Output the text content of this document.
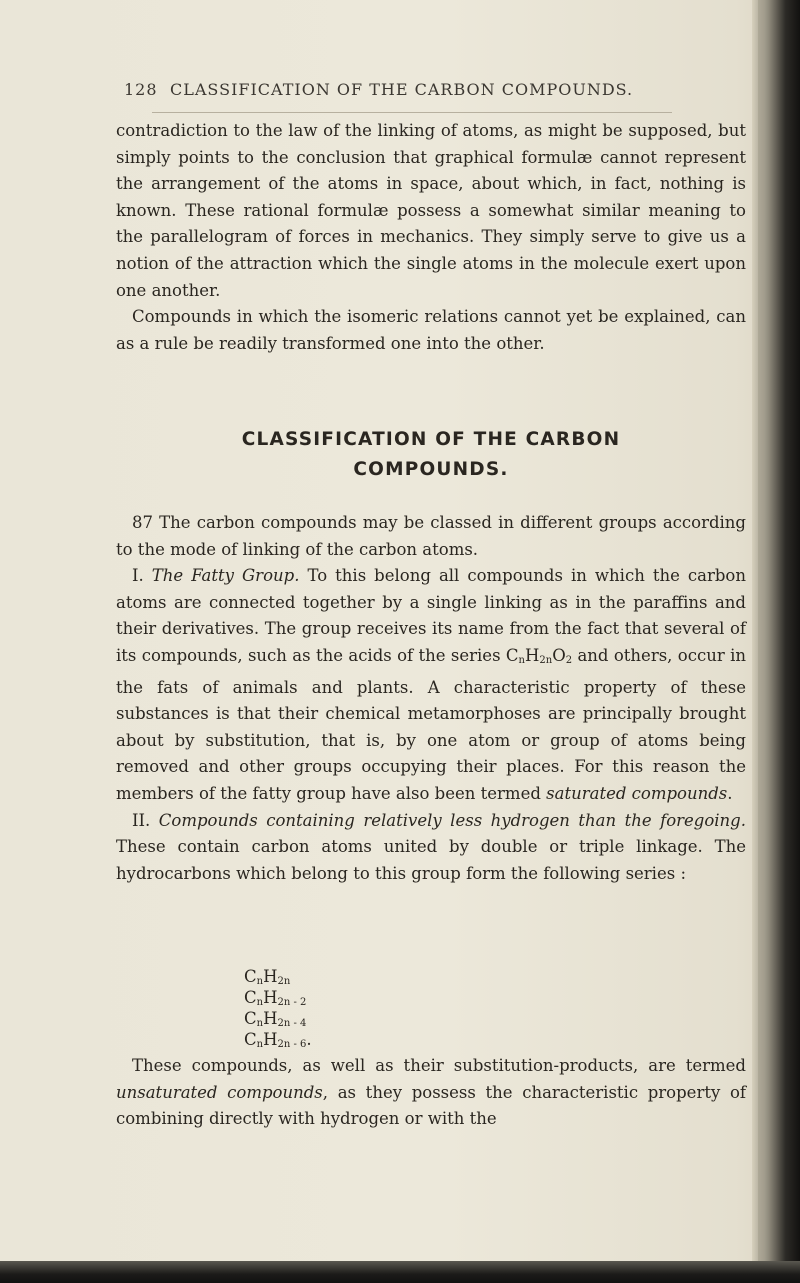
128 CLASSIFICATION OF THE CARBON COMPOUNDS.

contradiction to the law of the linking of atoms, as might be supposed, but simply points to the conclusion that graphical formulæ cannot represent the arrangement of the atoms in space, about which, in fact, nothing is known. These rational formulæ possess a somewhat similar meaning to the parallelogram of forces in mechanics. They simply serve to give us a notion of the attraction which the single atoms in the molecule exert upon one another.

Compounds in which the isomeric relations cannot yet be explained, can as a rule be readily transformed one into the other.

CLASSIFICATION OF THE CARBON
COMPOUNDS.

87 The carbon compounds may be classed in different groups according to the mode of linking of the carbon atoms.

I. The Fatty Group. To this belong all compounds in which the carbon atoms are connected together by a single linking as in the paraffins and their derivatives. The group receives its name from the fact that several of its compounds, such as the acids of the series $C_nH_{2n}O_2$ and others, occur in the fats of animals and plants. A characteristic property of these substances is that their chemical metamorphoses are principally brought about by substitution, that is, by one atom or group of atoms being removed and other groups occupying their places. For this reason the members of the fatty group have also been termed saturated compounds.

II. Compounds containing relatively less hydrogen than the foregoing. These contain carbon atoms united by double or triple linkage. The hydrocarbons which belong to this group form the following series :

$C_nH_{2n}$
$C_nH_{2n - 2}$
$C_nH_{2n - 4}$
$C_nH_{2n - 6}$.

These compounds, as well as their substitution-products, are termed unsaturated compounds, as they possess the characteristic property of combining directly with hydrogen or with the
